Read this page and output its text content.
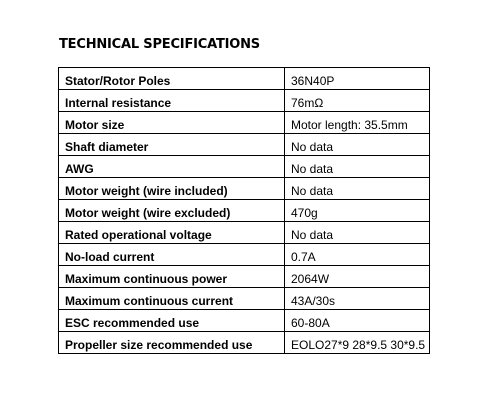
TECHNICAL SPECIFICATIONS
Stator/Rotor Poles	36N40P
Internal resistance	76mΩ
Motor size	Motor length: 35.5mm
Shaft diameter	No data
AWG	No data
Motor weight (wire included)	No data
Motor weight (wire excluded)	470g
Rated operational voltage	No data
No-load current	0.7A
Maximum continuous power	2064W
Maximum continuous current	43A/30s
ESC recommended use	60-80A
Propeller size recommended use	EOLO27*9 28*9.5 30*9.5
